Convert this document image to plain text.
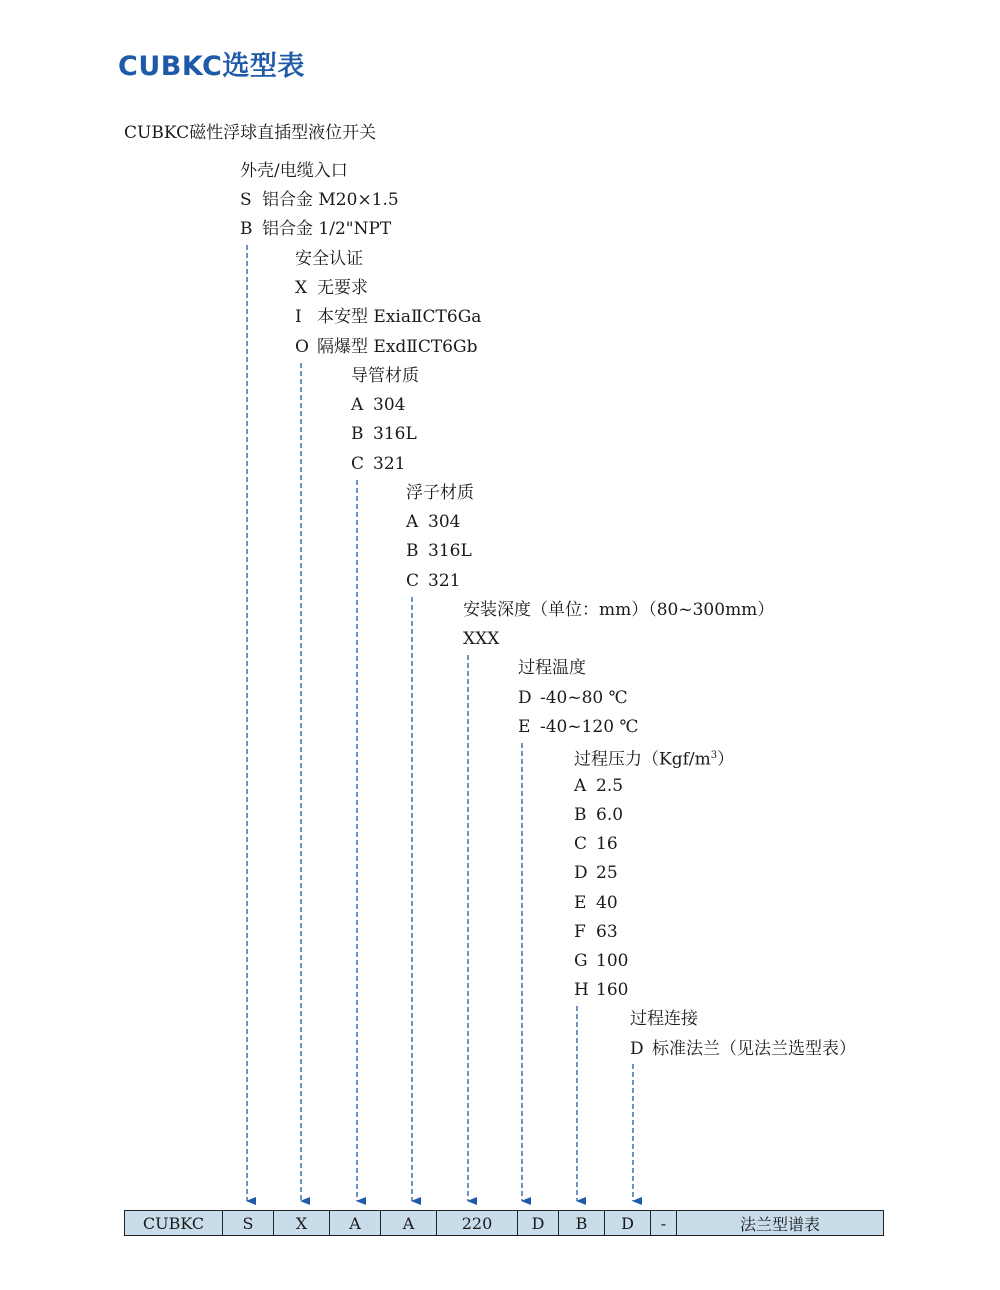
CUBKC选型表
CUBKC磁性浮球直插型液位开关
外壳/电缆入口
S 铝合金 M20×1.5
B 铝合金 1/2"NPT
安全认证
X 无要求
I 本安型 ExiaⅡCT6Ga
O 隔爆型 ExdⅡCT6Gb
导管材质
A 304
B 316L
C 321
浮子材质
A 304
B 316L
C 321
安装深度（单位：mm）（80~300mm）
XXX
过程温度
D -40~80 ℃
E -40~120 ℃
过程压力$(Kgf/m^3)$
A 2.5
B 6.0
C 16
D 25
E 40
F 63
G 100
H 160
过程连接
D 标准法兰（见法兰选型表）
CUBKC	S	X	A	A	220	D	B	D	-	法兰型谱表
